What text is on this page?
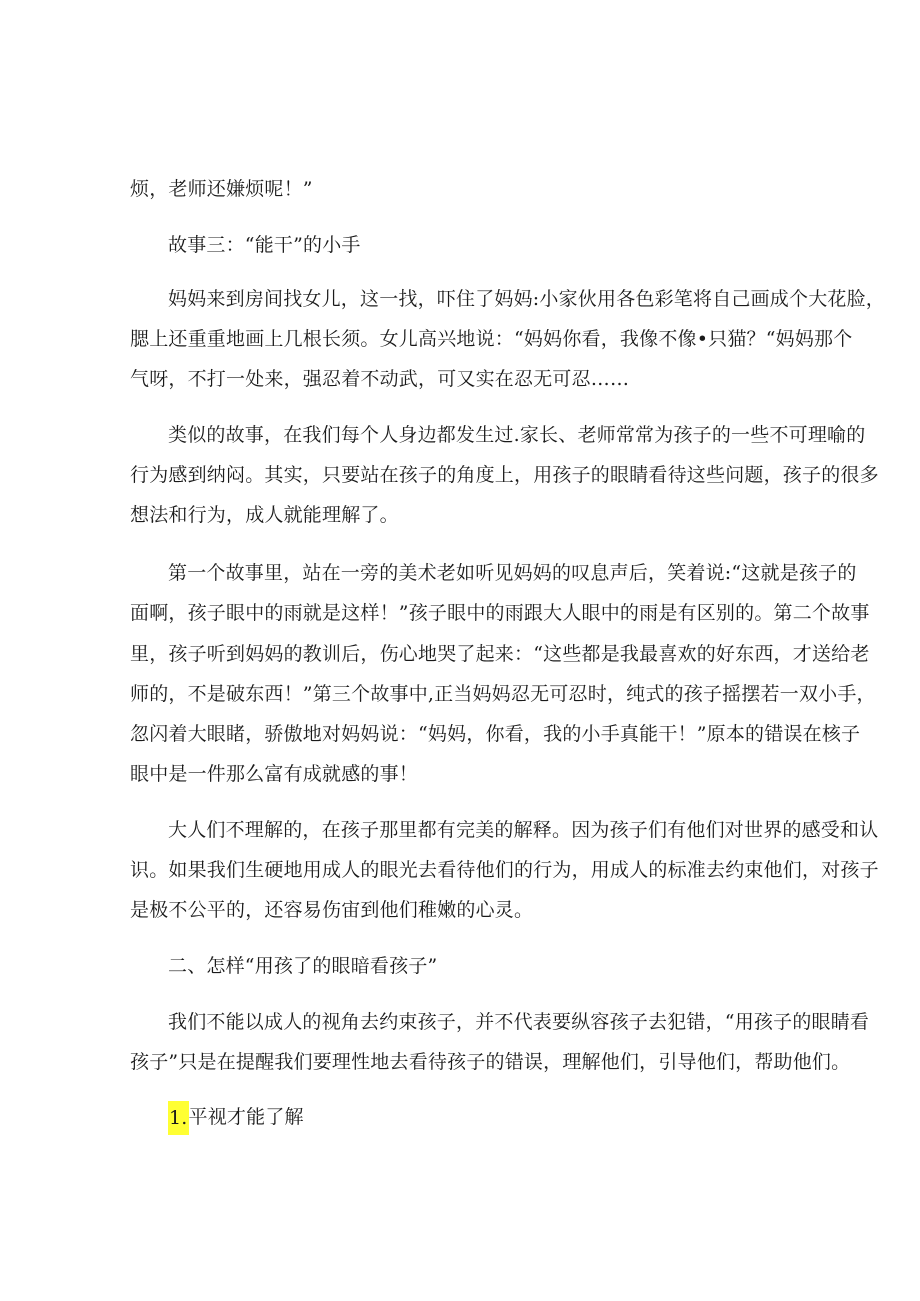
烦，老师还嫌烦呢！”
故事三：“能干”的小手
妈妈来到房间找女儿，这一找，吓住了妈妈:小家伙用各色彩笔将自己画成个大花脸，
腮上还重重地画上几根长须。女儿高兴地说：“妈妈你看，我像不像•只猫？“妈妈那个
气呀，不打一处来，强忍着不动武，可又实在忍无可忍……
类似的故事，在我们每个人身边都发生过.家长、老师常常为孩子的一些不可理喻的
行为感到纳闷。其实，只要站在孩子的角度上，用孩子的眼睛看待这些问题，孩子的很多
想法和行为，成人就能理解了。
第一个故事里，站在一旁的美术老如听见妈妈的叹息声后，笑着说:“这就是孩子的
面啊，孩子眼中的雨就是这样！”孩子眼中的雨跟大人眼中的雨是有区别的。第二个故事
里，孩子听到妈妈的教训后，伤心地哭了起来：“这些都是我最喜欢的好东西，才送给老
师的，不是破东西！”第三个故事中,正当妈妈忍无可忍时，纯式的孩子摇摆若一双小手，
忽闪着大眼睹，骄傲地对妈妈说：“妈妈，你看，我的小手真能干！”原本的错误在核子
眼中是一件那么富有成就感的事！
大人们不理解的，在孩子那里都有完美的解释。因为孩子们有他们对世界的感受和认
识。如果我们生硬地用成人的眼光去看待他们的行为，用成人的标准去约束他们，对孩子
是极不公平的，还容易伤宙到他们稚嫩的心灵。
二、怎样“用孩了的眼暗看孩子”
我们不能以成人的视角去约束孩子，并不代表要纵容孩子去犯错，“用孩子的眼睛看
孩子”只是在提醒我们要理性地去看待孩子的错误，理解他们，引导他们，帮助他们。
1.平视才能了解
